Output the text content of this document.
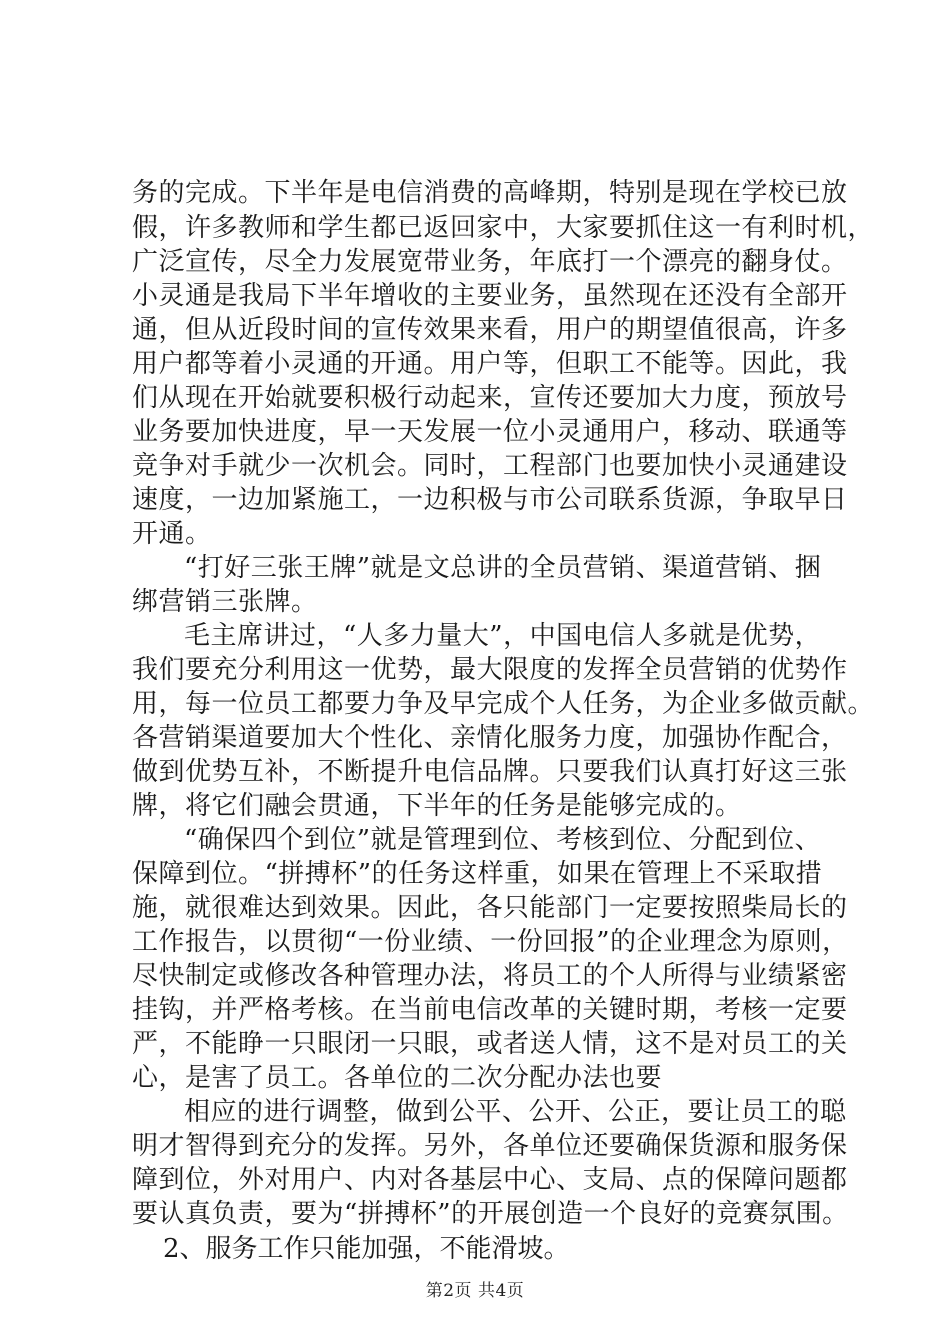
务的完成。下半年是电信消费的高峰期，特别是现在学校已放
假，许多教师和学生都已返回家中，大家要抓住这一有利时机，
广泛宣传，尽全力发展宽带业务，年底打一个漂亮的翻身仗。
小灵通是我局下半年增收的主要业务，虽然现在还没有全部开
通，但从近段时间的宣传效果来看，用户的期望值很高，许多
用户都等着小灵通的开通。用户等，但职工不能等。因此，我
们从现在开始就要积极行动起来，宣传还要加大力度，预放号
业务要加快进度，早一天发展一位小灵通用户，移动、联通等
竞争对手就少一次机会。同时，工程部门也要加快小灵通建设
速度，一边加紧施工，一边积极与市公司联系货源，争取早日
开通。
“打好三张王牌”就是文总讲的全员营销、渠道营销、捆
绑营销三张牌。
毛主席讲过，“人多力量大”，中国电信人多就是优势，
我们要充分利用这一优势，最大限度的发挥全员营销的优势作
用，每一位员工都要力争及早完成个人任务，为企业多做贡献。
各营销渠道要加大个性化、亲情化服务力度，加强协作配合，
做到优势互补，不断提升电信品牌。只要我们认真打好这三张
牌，将它们融会贯通，下半年的任务是能够完成的。
“确保四个到位”就是管理到位、考核到位、分配到位、
保障到位。“拼搏杯”的任务这样重，如果在管理上不采取措
施，就很难达到效果。因此，各只能部门一定要按照柴局长的
工作报告，以贯彻“一份业绩、一份回报”的企业理念为原则，
尽快制定或修改各种管理办法，将员工的个人所得与业绩紧密
挂钩，并严格考核。在当前电信改革的关键时期，考核一定要
严，不能睁一只眼闭一只眼，或者送人情，这不是对员工的关
心，是害了员工。各单位的二次分配办法也要
相应的进行调整，做到公平、公开、公正，要让员工的聪
明才智得到充分的发挥。另外，各单位还要确保货源和服务保
障到位，外对用户、内对各基层中心、支局、点的保障问题都
要认真负责，要为“拼搏杯”的开展创造一个良好的竞赛氛围。
2、服务工作只能加强，不能滑坡。
第2页 共4页
